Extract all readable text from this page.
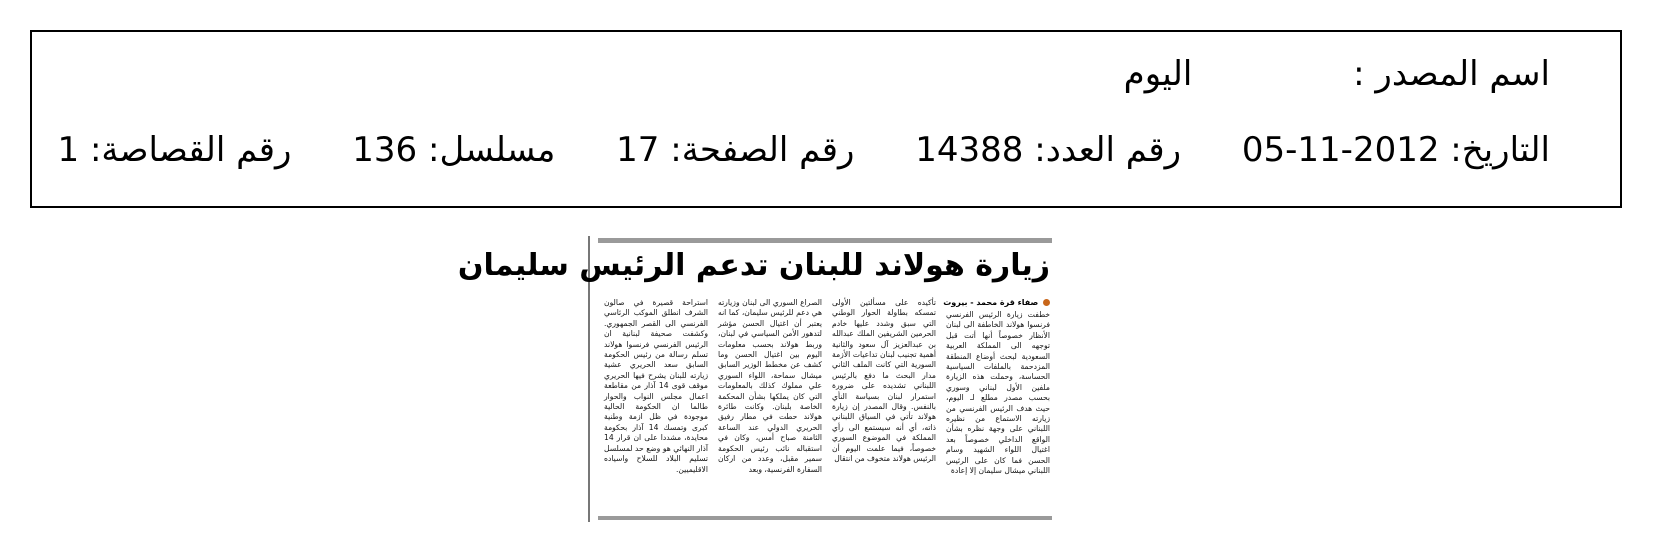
اسم المصدر : اليوم
التاريخ: 2012-11-05 رقم العدد: 14388 رقم الصفحة: 17 مسلسل: 136 رقم القصاصة: 1
زيارة هولاند للبنان تدعم الرئيس سليمان
صفاء قرة محمد - بيروت

خطفت زيارة الرئيس الفرنسي فرنسوا هولاند الخاطفة الى لبنان الأنظار خصوصاً أنها أتت قبل توجهه الى المملكة العربية السعودية لبحث أوضاع المنطقة المزدحمة بالملفات السياسية الحساسة، وحملت هذه الزيارة ملفين الأول لبناني وسوري بحسب مصدر مطلع لـ اليوم، حيث هدف الرئيس الفرنسي من زيارته الاستماع من نظيره اللبناني على وجهة نظره بشأن الواقع الداخلي خصوصاً بعد اغتيال اللواء الشهيد وسام الحسن فما كان على الرئيس اللبناني ميشال سليمان إلا إعادة

تأكيده على مسألتين الأولى تمسكه بطاولة الحوار الوطني التي سبق وشدد عليها خادم الحرمين الشريفين الملك عبدالله بن عبدالعزيز آل سعود والثانية أهمية تجنيب لبنان تداعيات الأزمة السورية التي كانت الملف الثاني مدار البحث ما دفع بالرئيس اللبناني تشديده على ضرورة استمرار لبنان بسياسة النأي بالنفس. وقال المصدر إن زيارة هولاند تأتي في السياق اللبناني ذاته، أي أنه سيستمع الى رأي المملكة في الموضوع السوري خصوصاً، فيما علمت اليوم أن الرئيس هولاند متخوف من انتقال

الصراع السوري الى لبنان وزيارته هي دعم للرئيس سليمان، كما انه يعتبر أن اغتيال الحسن مؤشر لتدهور الأمن السياسي في لبنان، وربط هولاند بحسب معلومات اليوم بين اغتيال الحسن وما كشف عن مخطط الوزير السابق ميشال سماحة، اللواء السوري علي مملوك كذلك بالمعلومات التي كان يملكها بشأن المحكمة الخاصة بلبنان. وكانت طائرة هولاند حطت في مطار رفيق الحريري الدولي عند الساعة الثامنة صباح أمس، وكان في استقباله نائب رئيس الحكومة سمير مقبل، وعدد من اركان السفارة الفرنسية، وبعد

استراحة قصيرة في صالون الشرف انطلق الموكب الرئاسي الفرنسي الى القصر الجمهوري. وكشفت صحيفة لبنانية ان الرئيس الفرنسي فرنسوا هولاند تسلم رسالة من رئيس الحكومة السابق سعد الحريري عشية زيارته للبنان يشرح فيها الحريري موقف قوى 14 آذار من مقاطعة اعمال مجلس النواب والحوار طالما ان الحكومة الحالية موجودة في ظل ازمة وطنية كبرى وتمسك 14 آذار بحكومة محايدة، مشددا على ان قرار 14 آذار النهائي هو وضع حد لمسلسل تسليم البلاد للسلاح واسياده الاقليميين.
